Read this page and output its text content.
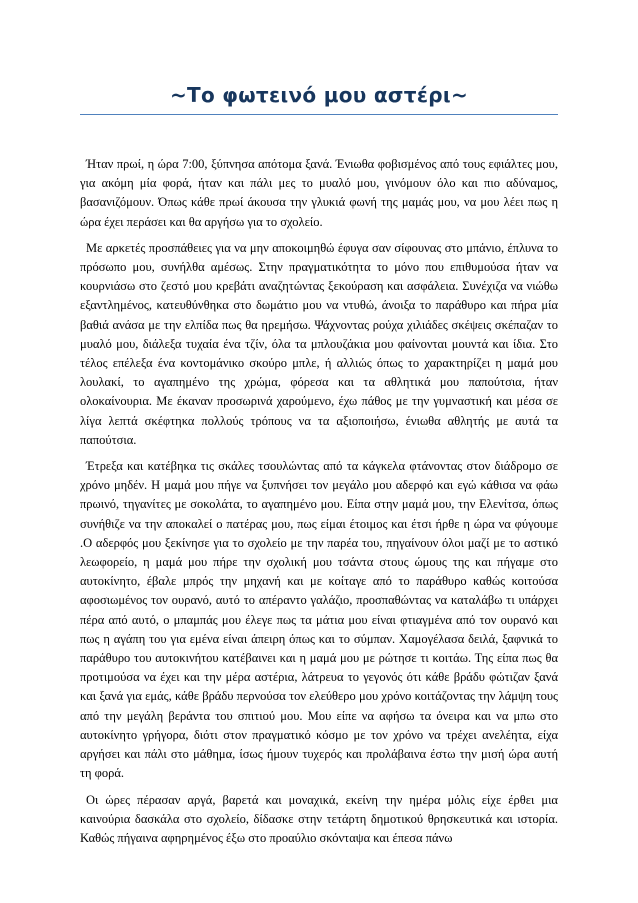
~Το φωτεινό μου αστέρι~

Ήταν πρωί, η ώρα 7:00, ξύπνησα απότομα ξανά. Ένιωθα φοβισμένος από τους εφιάλτες μου, για ακόμη μία φορά, ήταν και πάλι μες το μυαλό μου, γινόμουν όλο και πιο αδύναμος, βασανιζόμουν. Όπως κάθε πρωί άκουσα την γλυκιά φωνή της μαμάς μου, να μου λέει πως η ώρα έχει περάσει και θα αργήσω για το σχολείο.

Με αρκετές προσπάθειες για να μην αποκοιμηθώ έφυγα σαν σίφουνας στο μπάνιο, έπλυνα το πρόσωπο μου, συνήλθα αμέσως. Στην πραγματικότητα το μόνο που επιθυμούσα ήταν να κουρνιάσω στο ζεστό μου κρεβάτι αναζητώντας ξεκούραση και ασφάλεια. Συνέχιζα να νιώθω εξαντλημένος, κατευθύνθηκα στο δωμάτιο μου να ντυθώ, άνοιξα το παράθυρο και πήρα μία βαθιά ανάσα με την ελπίδα πως θα ηρεμήσω. Ψάχνοντας ρούχα χιλιάδες σκέψεις σκέπαζαν το μυαλό μου, διάλεξα τυχαία ένα τζίν, όλα τα μπλουζάκια μου φαίνονται μουντά και ίδια. Στο τέλος επέλεξα ένα κοντομάνικο σκούρο μπλε, ή αλλιώς όπως το χαρακτηρίζει η μαμά μου λουλακί, το αγαπημένο της χρώμα, φόρεσα και τα αθλητικά μου παπούτσια, ήταν ολοκαίνουρια. Με έκαναν προσωρινά χαρούμενο, έχω πάθος με την γυμναστική και μέσα σε λίγα λεπτά σκέφτηκα πολλούς τρόπους να τα αξιοποιήσω, ένιωθα αθλητής με αυτά τα παπούτσια.

Έτρεξα και κατέβηκα τις σκάλες τσουλώντας από τα κάγκελα φτάνοντας στον διάδρομο σε χρόνο μηδέν. Η μαμά μου πήγε να ξυπνήσει τον μεγάλο μου αδερφό και εγώ κάθισα να φάω πρωινό, τηγανίτες με σοκολάτα, το αγαπημένο μου. Είπα στην μαμά μου, την Ελενίτσα, όπως συνήθιζε να την αποκαλεί ο πατέρας μου, πως είμαι έτοιμος και έτσι ήρθε η ώρα να φύγουμε .Ο αδερφός μου ξεκίνησε για το σχολείο με την παρέα του, πηγαίνουν όλοι μαζί με το αστικό λεωφορείο, η μαμά μου πήρε την σχολική μου τσάντα στους ώμους της και πήγαμε στο αυτοκίνητο, έβαλε μπρός την μηχανή και με κοίταγε από το παράθυρο καθώς κοιτούσα αφοσιωμένος τον ουρανό, αυτό το απέραντο γαλάζιο, προσπαθώντας να καταλάβω τι υπάρχει πέρα από αυτό, ο μπαμπάς μου έλεγε πως τα μάτια μου είναι φτιαγμένα από τον ουρανό και πως η αγάπη του για εμένα είναι άπειρη όπως και το σύμπαν. Χαμογέλασα δειλά, ξαφνικά το παράθυρο του αυτοκινήτου κατέβαινει και η μαμά μου με ρώτησε τι κοιτάω. Της είπα πως θα προτιμούσα να έχει και την μέρα αστέρια, λάτρευα το γεγονός ότι κάθε βράδυ φώτιζαν ξανά και ξανά για εμάς, κάθε βράδυ περνούσα τον ελεύθερο μου χρόνο κοιτάζοντας την λάμψη τους από την μεγάλη βεράντα του σπιτιού μου. Μου είπε να αφήσω τα όνειρα και να μπω στο αυτοκίνητο γρήγορα, διότι στον πραγματικό κόσμο με τον χρόνο να τρέχει ανελέητα, είχα αργήσει και πάλι στο μάθημα, ίσως ήμουν τυχερός και προλάβαινα έστω την μισή ώρα αυτή τη φορά.

Οι ώρες πέρασαν αργά, βαρετά και μοναχικά, εκείνη την ημέρα μόλις είχε έρθει μια καινούρια δασκάλα στο σχολείο, δίδασκε στην τετάρτη δημοτικού θρησκευτικά και ιστορία. Καθώς πήγαινα αφηρημένος έξω στο προαύλιο σκόνταψα και έπεσα πάνω
